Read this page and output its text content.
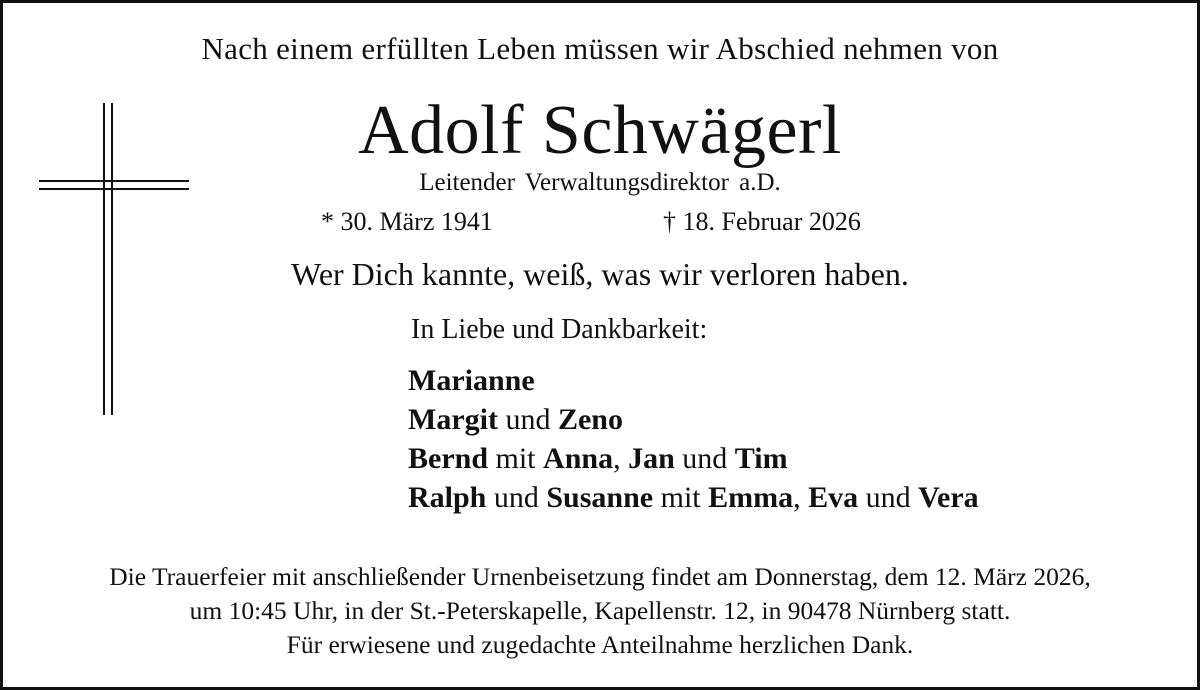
Nach einem erfüllten Leben müssen wir Abschied nehmen von
Adolf Schwägerl
Leitender Verwaltungsdirektor a.D.
* 30. März 1941	† 18. Februar 2026
Wer Dich kannte, weiß, was wir verloren haben.
In Liebe und Dankbarkeit:
Marianne
Margit und Zeno
Bernd mit Anna, Jan und Tim
Ralph und Susanne mit Emma, Eva und Vera
Die Trauerfeier mit anschließender Urnenbeisetzung findet am Donnerstag, dem 12. März 2026,
um 10:45 Uhr, in der St.-Peterskapelle, Kapellenstr. 12, in 90478 Nürnberg statt.
Für erwiesene und zugedachte Anteilnahme herzlichen Dank.
